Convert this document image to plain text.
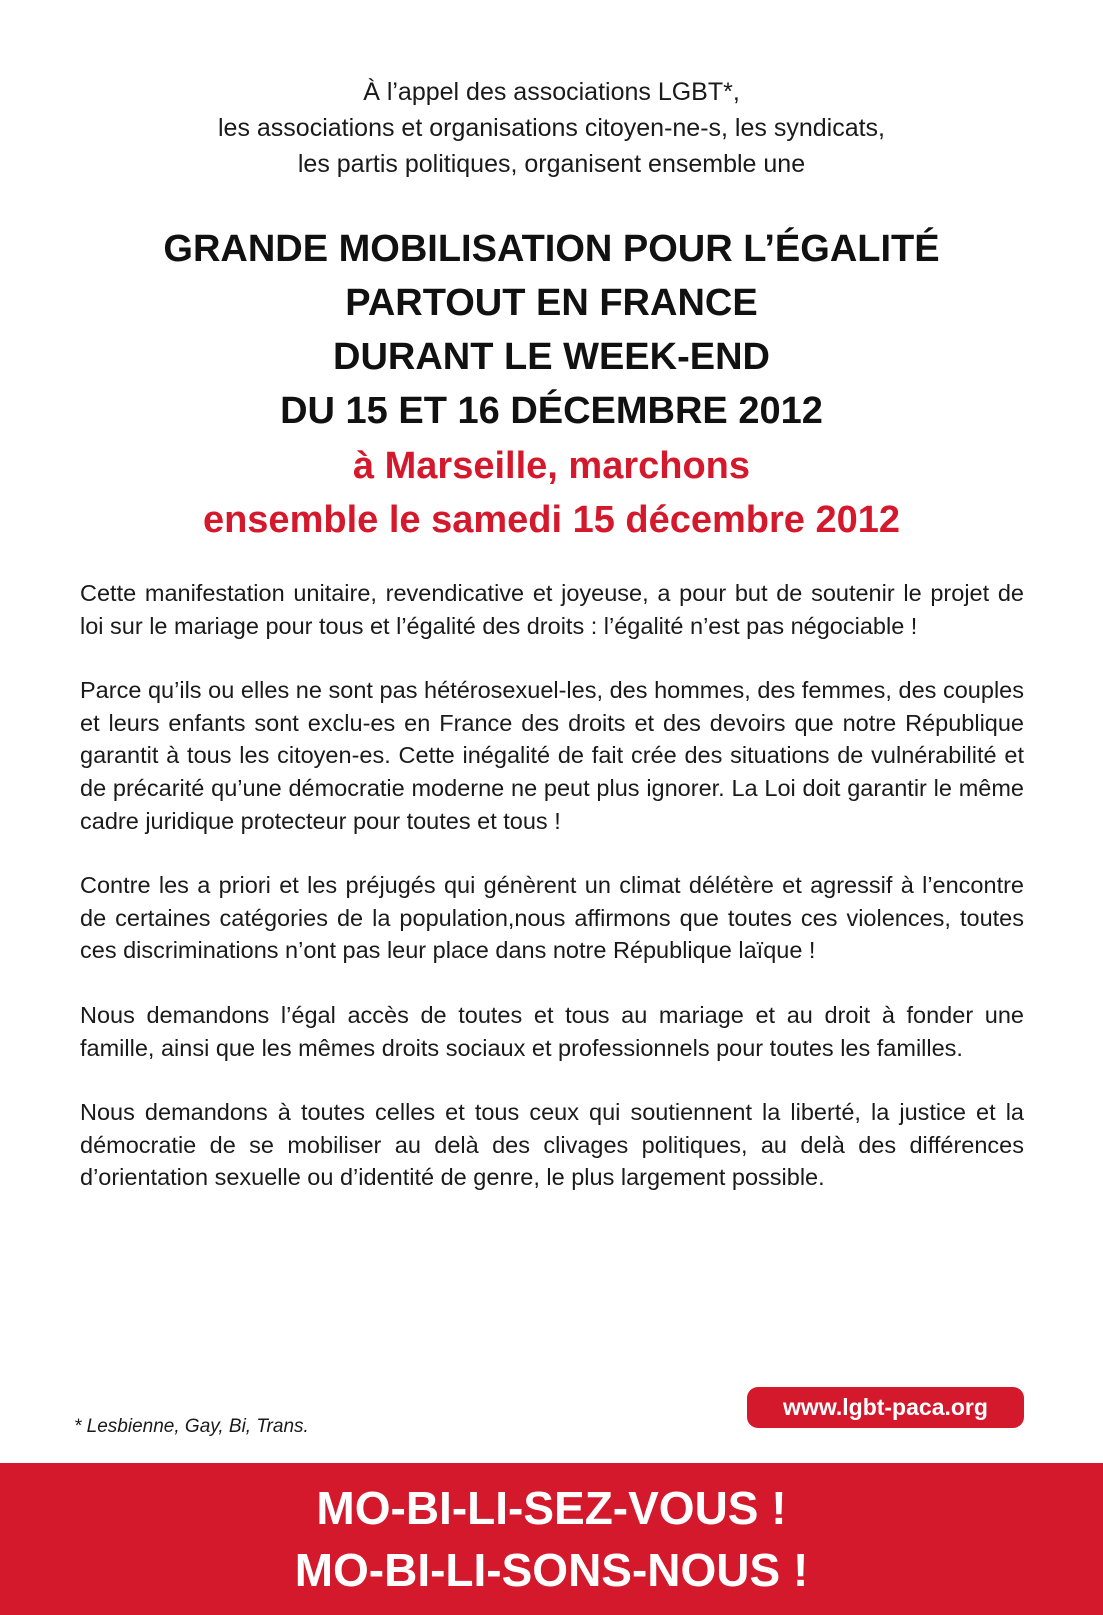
À l’appel des associations LGBT*,
les associations et organisations citoyen-ne-s, les syndicats,
les partis politiques, organisent ensemble une
GRANDE MOBILISATION POUR L’ÉGALITÉ
PARTOUT EN FRANCE
DURANT LE WEEK-END
DU 15 ET 16 DÉCEMBRE 2012
à Marseille, marchons
ensemble le samedi 15 décembre 2012

Cette manifestation unitaire, revendicative et joyeuse, a pour but de soutenir le projet de loi sur le mariage pour tous et l’égalité des droits : l’égalité n’est pas négociable !

Parce qu’ils ou elles ne sont pas hétérosexuel-les, des hommes, des femmes, des couples et leurs enfants sont exclu-es en France des droits et des devoirs que notre République garantit à tous les citoyen-es. Cette inégalité de fait crée des situations de vulnérabilité et de précarité qu’une démocratie moderne ne peut plus ignorer. La Loi doit garantir le même cadre juridique protecteur pour toutes et tous !

Contre les a priori et les préjugés qui génèrent un climat délétère et agressif à l’encontre de certaines catégories de la population,nous affirmons que toutes ces violences, toutes ces discriminations n’ont pas leur place dans notre République laïque !

Nous demandons l’égal accès de toutes et tous au mariage et au droit à fonder une famille, ainsi que les mêmes droits sociaux et professionnels pour toutes les familles.

Nous demandons à toutes celles et tous ceux qui soutiennent la liberté, la justice et la démocratie de se mobiliser au delà des clivages politiques, au delà des différences d’orientation sexuelle ou d’identité de genre, le plus largement possible.

* Lesbienne, Gay, Bi, Trans.
www.lgbt-paca.org
MO-BI-LI-SEZ-VOUS !
MO-BI-LI-SONS-NOUS !
